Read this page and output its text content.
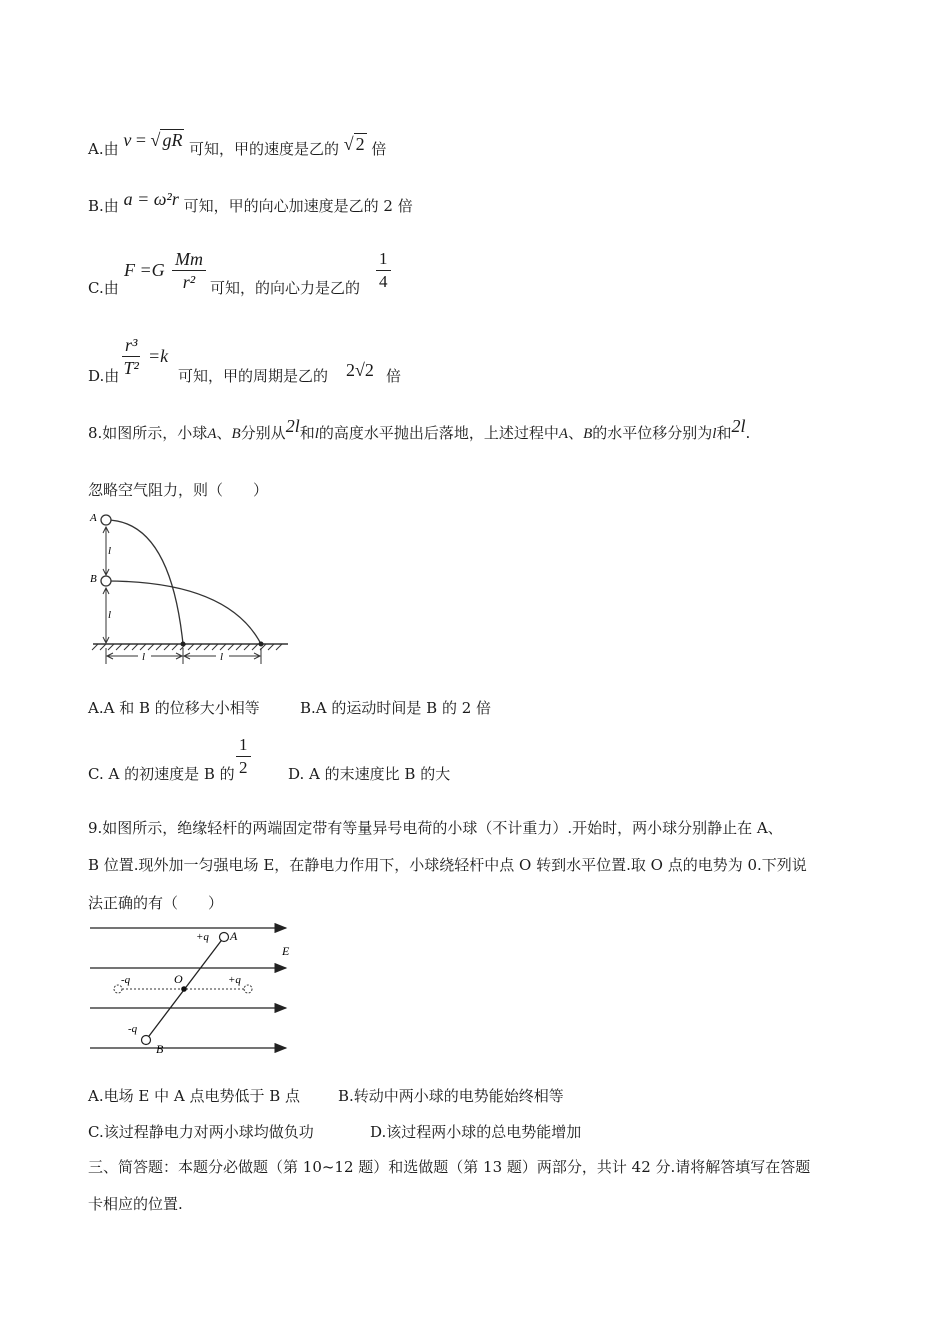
A.由 v = √ gR 可知，甲的速度是乙的 √ 2 倍
B.由 a = ω²r 可知，甲的向心加速度是乙的 2 倍
C.由
$F =G \frac{Mm}{\text{r²}}$ 可知，的向心力是乙的 $\frac{1}{4}$
D.由 $\frac{\text{r³}}{\text{T²}} =k$
可知，甲的周期是乙的 2√2 倍
8.如图所示，小球A、B分别从2l和l的高度水平抛出后落地，上述过程中A、B的水平位移分别为l和2l.
忽略空气阻力，则（　　）
A
B
l
l
l	l
A.A 和 B 的位移大小相等	B.A 的运动时间是 B 的 2 倍
C. A 的初速度是 B 的 $\frac{1}{2}$	D. A 的末速度比 B 的大
9.如图所示，绝缘轻杆的两端固定带有等量异号电荷的小球（不计重力）.开始时，两小球分别静止在 A、
B 位置.现外加一匀强电场 E，在静电力作用下，小球绕轻杆中点 O 转到水平位置.取 O 点的电势为 0.下列说
法正确的有（　　）
+q A
E
-q	O	+q
-q
B
A.电场 E 中 A 点电势低于 B 点	B.转动中两小球的电势能始终相等
C.该过程静电力对两小球均做负功	D.该过程两小球的总电势能增加
三、简答题：本题分必做题（第 10~12 题）和选做题（第 13 题）两部分，共计 42 分.请将解答填写在答题
卡相应的位置.
